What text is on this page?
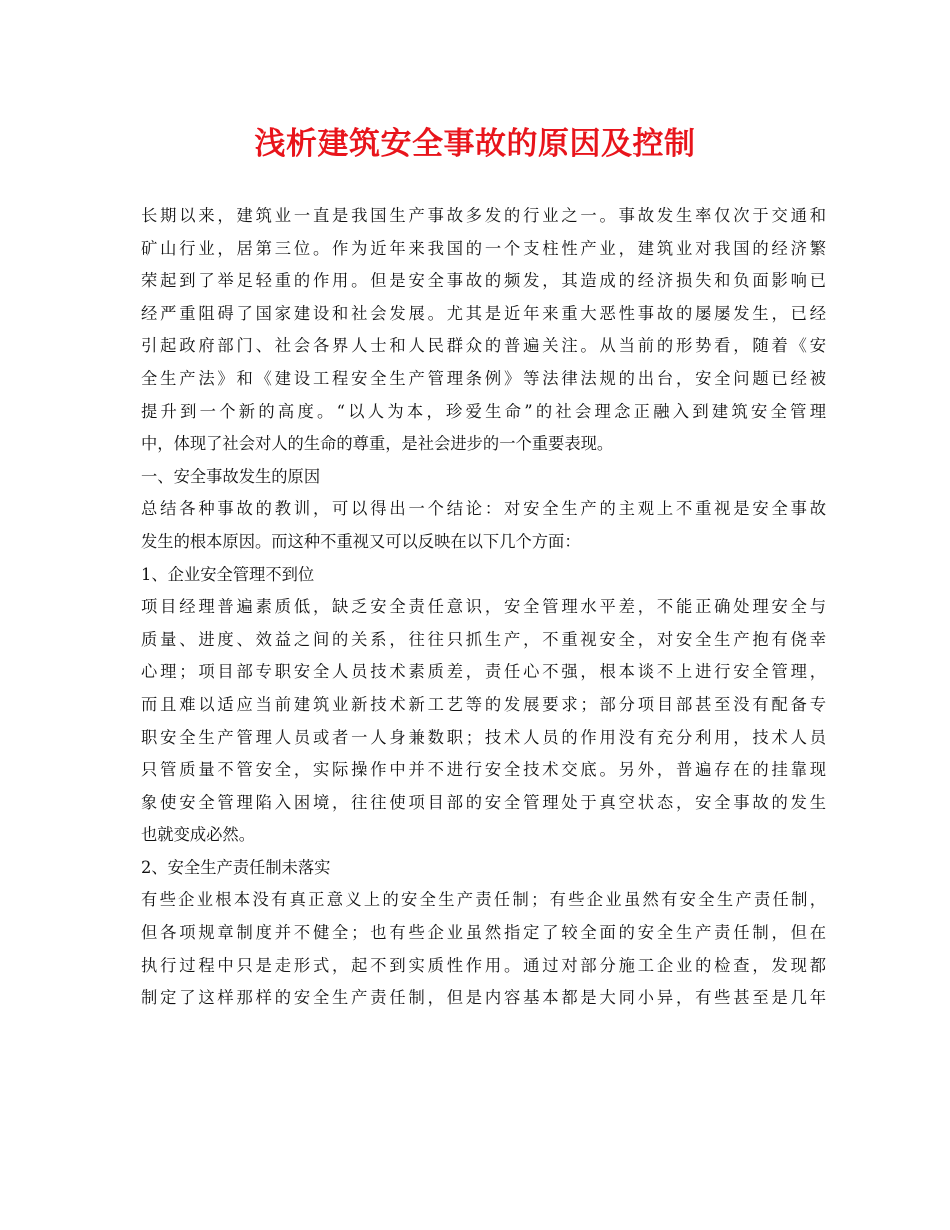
浅析建筑安全事故的原因及控制
长期以来，建筑业一直是我国生产事故多发的行业之一。事故发生率仅次于交通和
矿山行业，居第三位。作为近年来我国的一个支柱性产业，建筑业对我国的经济繁
荣起到了举足轻重的作用。但是安全事故的频发，其造成的经济损失和负面影响已
经严重阻碍了国家建设和社会发展。尤其是近年来重大恶性事故的屡屡发生，已经
引起政府部门、社会各界人士和人民群众的普遍关注。从当前的形势看，随着《安
全生产法》和《建设工程安全生产管理条例》等法律法规的出台，安全问题已经被
提升到一个新的高度。“以人为本，珍爱生命”的社会理念正融入到建筑安全管理
中，体现了社会对人的生命的尊重，是社会进步的一个重要表现。
一、安全事故发生的原因
总结各种事故的教训，可以得出一个结论：对安全生产的主观上不重视是安全事故
发生的根本原因。而这种不重视又可以反映在以下几个方面：
1、企业安全管理不到位
项目经理普遍素质低，缺乏安全责任意识，安全管理水平差，不能正确处理安全与
质量、进度、效益之间的关系，往往只抓生产，不重视安全，对安全生产抱有侥幸
心理；项目部专职安全人员技术素质差，责任心不强，根本谈不上进行安全管理，
而且难以适应当前建筑业新技术新工艺等的发展要求；部分项目部甚至没有配备专
职安全生产管理人员或者一人身兼数职；技术人员的作用没有充分利用，技术人员
只管质量不管安全，实际操作中并不进行安全技术交底。另外，普遍存在的挂靠现
象使安全管理陷入困境，往往使项目部的安全管理处于真空状态，安全事故的发生
也就变成必然。
2、安全生产责任制未落实
有些企业根本没有真正意义上的安全生产责任制；有些企业虽然有安全生产责任制，
但各项规章制度并不健全；也有些企业虽然指定了较全面的安全生产责任制，但在
执行过程中只是走形式，起不到实质性作用。通过对部分施工企业的检查，发现都
制定了这样那样的安全生产责任制，但是内容基本都是大同小异，有些甚至是几年
